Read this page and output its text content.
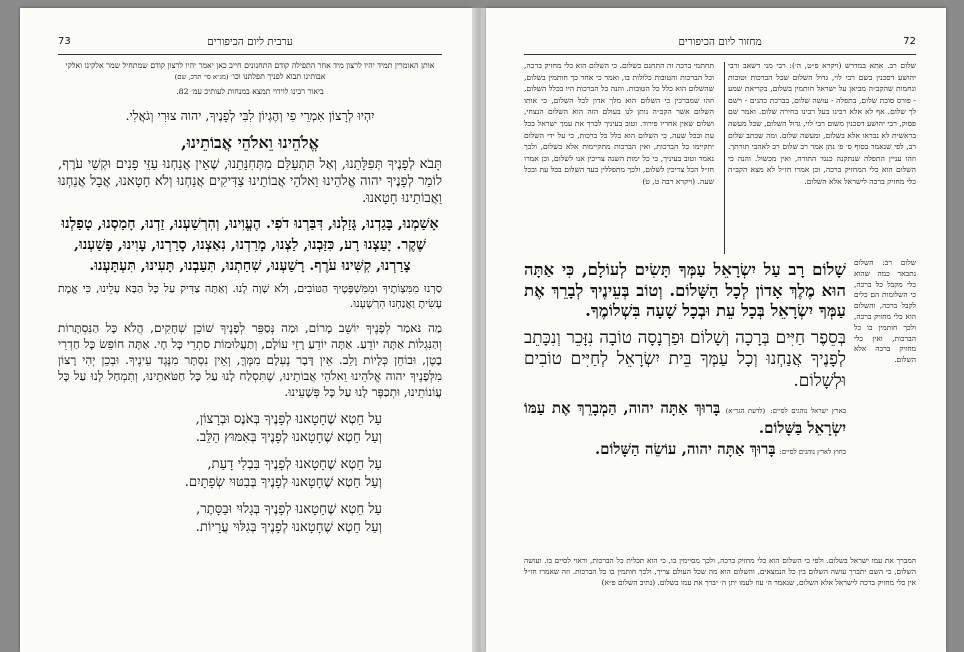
73	ערבית ליום הכיפורים
אותן האומרין תמיד יהיו לרצון מיד אחר התפילה קודם התחנונים חייב כאן יאמר יהיו לרצון קודם שמתחיל שמר אלקינו ואלקי אבותינו תבוא לפניך תפלתנו וכו׳ (מג״א סי׳ תרכ, שם)
ביאור רבינו לוידוי תמצא במנחות לעותיכ עמ׳ 82.
יִהְיוּ לְרָצוֹן אִמְרֵי פִי וְהֶגְיוֹן לִבִּי לְפָנֶיךָ, יהוה צוּרִי וְגֹאֲלִי.
אֱלֹהֵינוּ וֵאלֹהֵי אֲבוֹתֵינוּ,
תָּבֹא לְפָנֶיךָ תְּפִלָּתֵנוּ, וְאַל תִּתְעַלַּם מִתְּחִנָּתֵנוּ, שֶׁאֵין אֲנַחְנוּ עַזֵּי פָנִים וּקְשֵׁי עֹרֶף, לוֹמַר לְפָנֶיךָ יהוה אֱלֹהֵינוּ וֵאלֹהֵי אֲבוֹתֵינוּ צַדִּיקִים אֲנַחְנוּ וְלֹא חָטָאנוּ, אֲבָל אֲנַחְנוּ וַאֲבוֹתֵינוּ חָטָאנוּ.
אָשַׁמְנוּ, בָּגַדְנוּ, גָּזַלְנוּ, דִּבַּרְנוּ דֹפִי. הֶעֱוִינוּ, וְהִרְשַׁעְנוּ, זַדְנוּ, חָמַסְנוּ, טָפַלְנוּ שֶׁקֶר. יָעַצְנוּ רָע, כִּזַּבְנוּ, לַצְנוּ, מָרַדְנוּ, נִאַצְנוּ, סָרַרְנוּ, עָוִינוּ, פָּשַׁעְנוּ, צָרַרְנוּ, קִשִּׁינוּ עֹרֶף. רָשַׁעְנוּ, שִׁחַתְנוּ, תִּעַבְנוּ, תָּעִינוּ, תִּעְתָּעְנוּ.
סַרְנוּ מִמִּצְוֹתֶיךָ וּמִמִּשְׁפָּטֶיךָ הַטּוֹבִים, וְלֹא שָׁוָה לָנוּ. וְאַתָּה צַדִּיק עַל כָּל הַבָּא עָלֵינוּ, כִּי אֱמֶת עָשִׂיתָ וַאֲנַחְנוּ הִרְשָׁעְנוּ.
מַה נֹּאמַר לְפָנֶיךָ יוֹשֵׁב מָרוֹם, וּמַה נְּסַפֵּר לְפָנֶיךָ שׁוֹכֵן שְׁחָקִים, הֲלֹא כָּל הַנִּסְתָּרוֹת וְהַנִּגְלוֹת אַתָּה יוֹדֵעַ. אַתָּה יוֹדֵעַ רָזֵי עוֹלָם, וְתַעֲלוּמוֹת סִתְרֵי כָּל חָי. אַתָּה חוֹפֵשׂ כָּל חַדְרֵי בָטֶן, וּבוֹחֵן כְּלָיוֹת וָלֵב. אֵין דָּבָר נֶעְלָם מִמֶּךָּ, וְאֵין נִסְתָּר מִנֶּגֶד עֵינֶיךָ. וּבְכֵן יְהִי רָצוֹן מִלְּפָנֶיךָ יהוה אֱלֹהֵינוּ וֵאלֹהֵי אֲבוֹתֵינוּ, שֶׁתִּסְלַח לָנוּ עַל כָּל חַטֹּאתֵינוּ, וְתִמְחַל לָנוּ עַל כָּל עֲוֹנוֹתֵינוּ, וּתְכַפֶּר לָנוּ עַל כָּל פְּשָׁעֵינוּ.
עַל חֵטְא שֶׁחָטָאנוּ לְפָנֶיךָ בְּאֹנֶס וּבְרָצוֹן,
וְעַל חֵטְא שֶׁחָטָאנוּ לְפָנֶיךָ בְּאִמּוּץ הַלֵּב.
עַל חֵטְא שֶׁחָטָאנוּ לְפָנֶיךָ בִּבְלִי דָעַת,
וְעַל חֵטְא שֶׁחָטָאנוּ לְפָנֶיךָ בְּבִטּוּי שְׂפָתָיִם.
עַל חֵטְא שֶׁחָטָאנוּ לְפָנֶיךָ בְּגָלוּי וּבַסָּתֶר,
וְעַל חֵטְא שֶׁחָטָאנוּ לְפָנֶיךָ בְּגִלּוּי עֲרָיוֹת.
72
מחזור ליום הכיפורים
שלום רב. אתא במדרש (ויקרא פ״ט, ה׳): רבי מני דשאב ורבי יהושע דסכנין בשם רבי לוי, גדול השלום שכל הברכות וטובות ונחמות שהקב״ה מביאן על ישראל חותמין בשלום, בקריאת שמע - פורס סוכת שלום, בתפלה - עושה שלום, בברכת כהנים - וישם לך שלום. אף לא אלא רבינו בעל רבינו בחירה שלום. ואמר שם פסוק, רבי יהושע דסכנין משום רבי לוי, גדול השלום, שכל מעשה בראשית לא נבראו אלא בשלום, ומעשה שלום. ומה שכתב שלום רב, לפי שנאמר בסוף ס׳ פ׳ נתן אמר רב שלום רב לאהבי תורתך. וזהו עניין התפלה שנתקנה כנגד התורה, ואין מכשול. והנה כי השלום הוא כלי המחזיק ברכה, וכן אמרו חז״ל לא מצא הקב״ה כלי מחזיק ברכה לישראל אלא השלום.
תחתמי ברכה זה התחנם כשלום. כי השלום הוא כלי מחזיק ברכה, וכל הברכות והטובות כלולות בו, ואמר כי אחר כך חותמין בשלום, שהשלום הוא כלל כל הטובות. והנה כל הברכות היו בכלל השלום, וזהו שמברכין כי השלום הוא מלך אדון לכל השלום, כי אותו השלום אשר הקב״ה נותן לנו בעולם הזה הוא השלום הנצחי, ושלום שאין אחריו פירוד. וטוב בעיניך לברך את עמך ישראל בכל עת ובכל שעה, כי השלום הוא כלל כל ברכות, כי על ידי השלום יתקיימו כל הברכות, ואין הברכות מתקיימות אלא בשלום, ולכך נאמר וטוב בעיניך, כי כל ימות השנה צריכין אנו לשלום, וכן אמרו חז״ל הכל צריכין לשלום, ולכך מתפללין בעד השלום בכל עת ובכל שעה. (ויקרא רבה ט, ט)
שלום רב: השלום נתבאר כמה שהוא כלי מקבל כל ברכה, כי השלומות הם כלים לקבל ברכה, והשלום הוא כלי מחזיק ברכה, ולכך חותמין בו כל הברכות, ואין כלי מחזיק ברכה אלא השלום.
שָׁלוֹם רָב עַל יִשְׂרָאֵל עַמְּךָ תָּשִׂים לְעוֹלָם, כִּי אַתָּה הוּא מֶלֶךְ אָדוֹן לְכָל הַשָּׁלוֹם. וְטוֹב בְּעֵינֶיךָ לְבָרֵךְ אֶת עַמְּךָ יִשְׂרָאֵל בְּכָל עֵת וּבְכָל שָׁעָה בִּשְׁלוֹמֶךָ.
בְּסֵפֶר חַיִּים בְּרָכָה וְשָׁלוֹם וּפַרְנָסָה טוֹבָה נִזָּכֵר וְנִכָּתֵב לְפָנֶיךָ אֲנַחְנוּ וְכָל עַמְּךָ בֵּית יִשְׂרָאֵל לְחַיִּים טוֹבִים וּלְשָׁלוֹם.
בארץ ישראל נוהגים לסיים: (לדעת הגר״א) בָּרוּךְ אַתָּה יהוה, הַמְבָרֵךְ אֶת עַמּוֹ יִשְׂרָאֵל בַּשָּׁלוֹם.
בחוץ לארץ נוהגים לסיים: בָּרוּךְ אַתָּה יהוה, עוֹשֵׂה הַשָּׁלוֹם.
המברך את עמו ישראל בשלום. ולפי כי השלום הוא כלי מחזיק ברכה, ולכך מסיימין בו, כי הוא תכלית כל הברכות, וראוי לסיים בו. ועושה השלום, כי השם יתברך עושה השלום בין כל הנמצאים, והשלום הוא מה שכל העולם צריך, ולכך חותמין בו כל הברכות. וזה שאמרו חז״ל אין כלי מחזיק ברכה לישראל אלא השלום, שנאמר ה׳ עוז לעמו יתן ה׳ יברך את עמו בשלום. (נתיב השלום פ״א)
